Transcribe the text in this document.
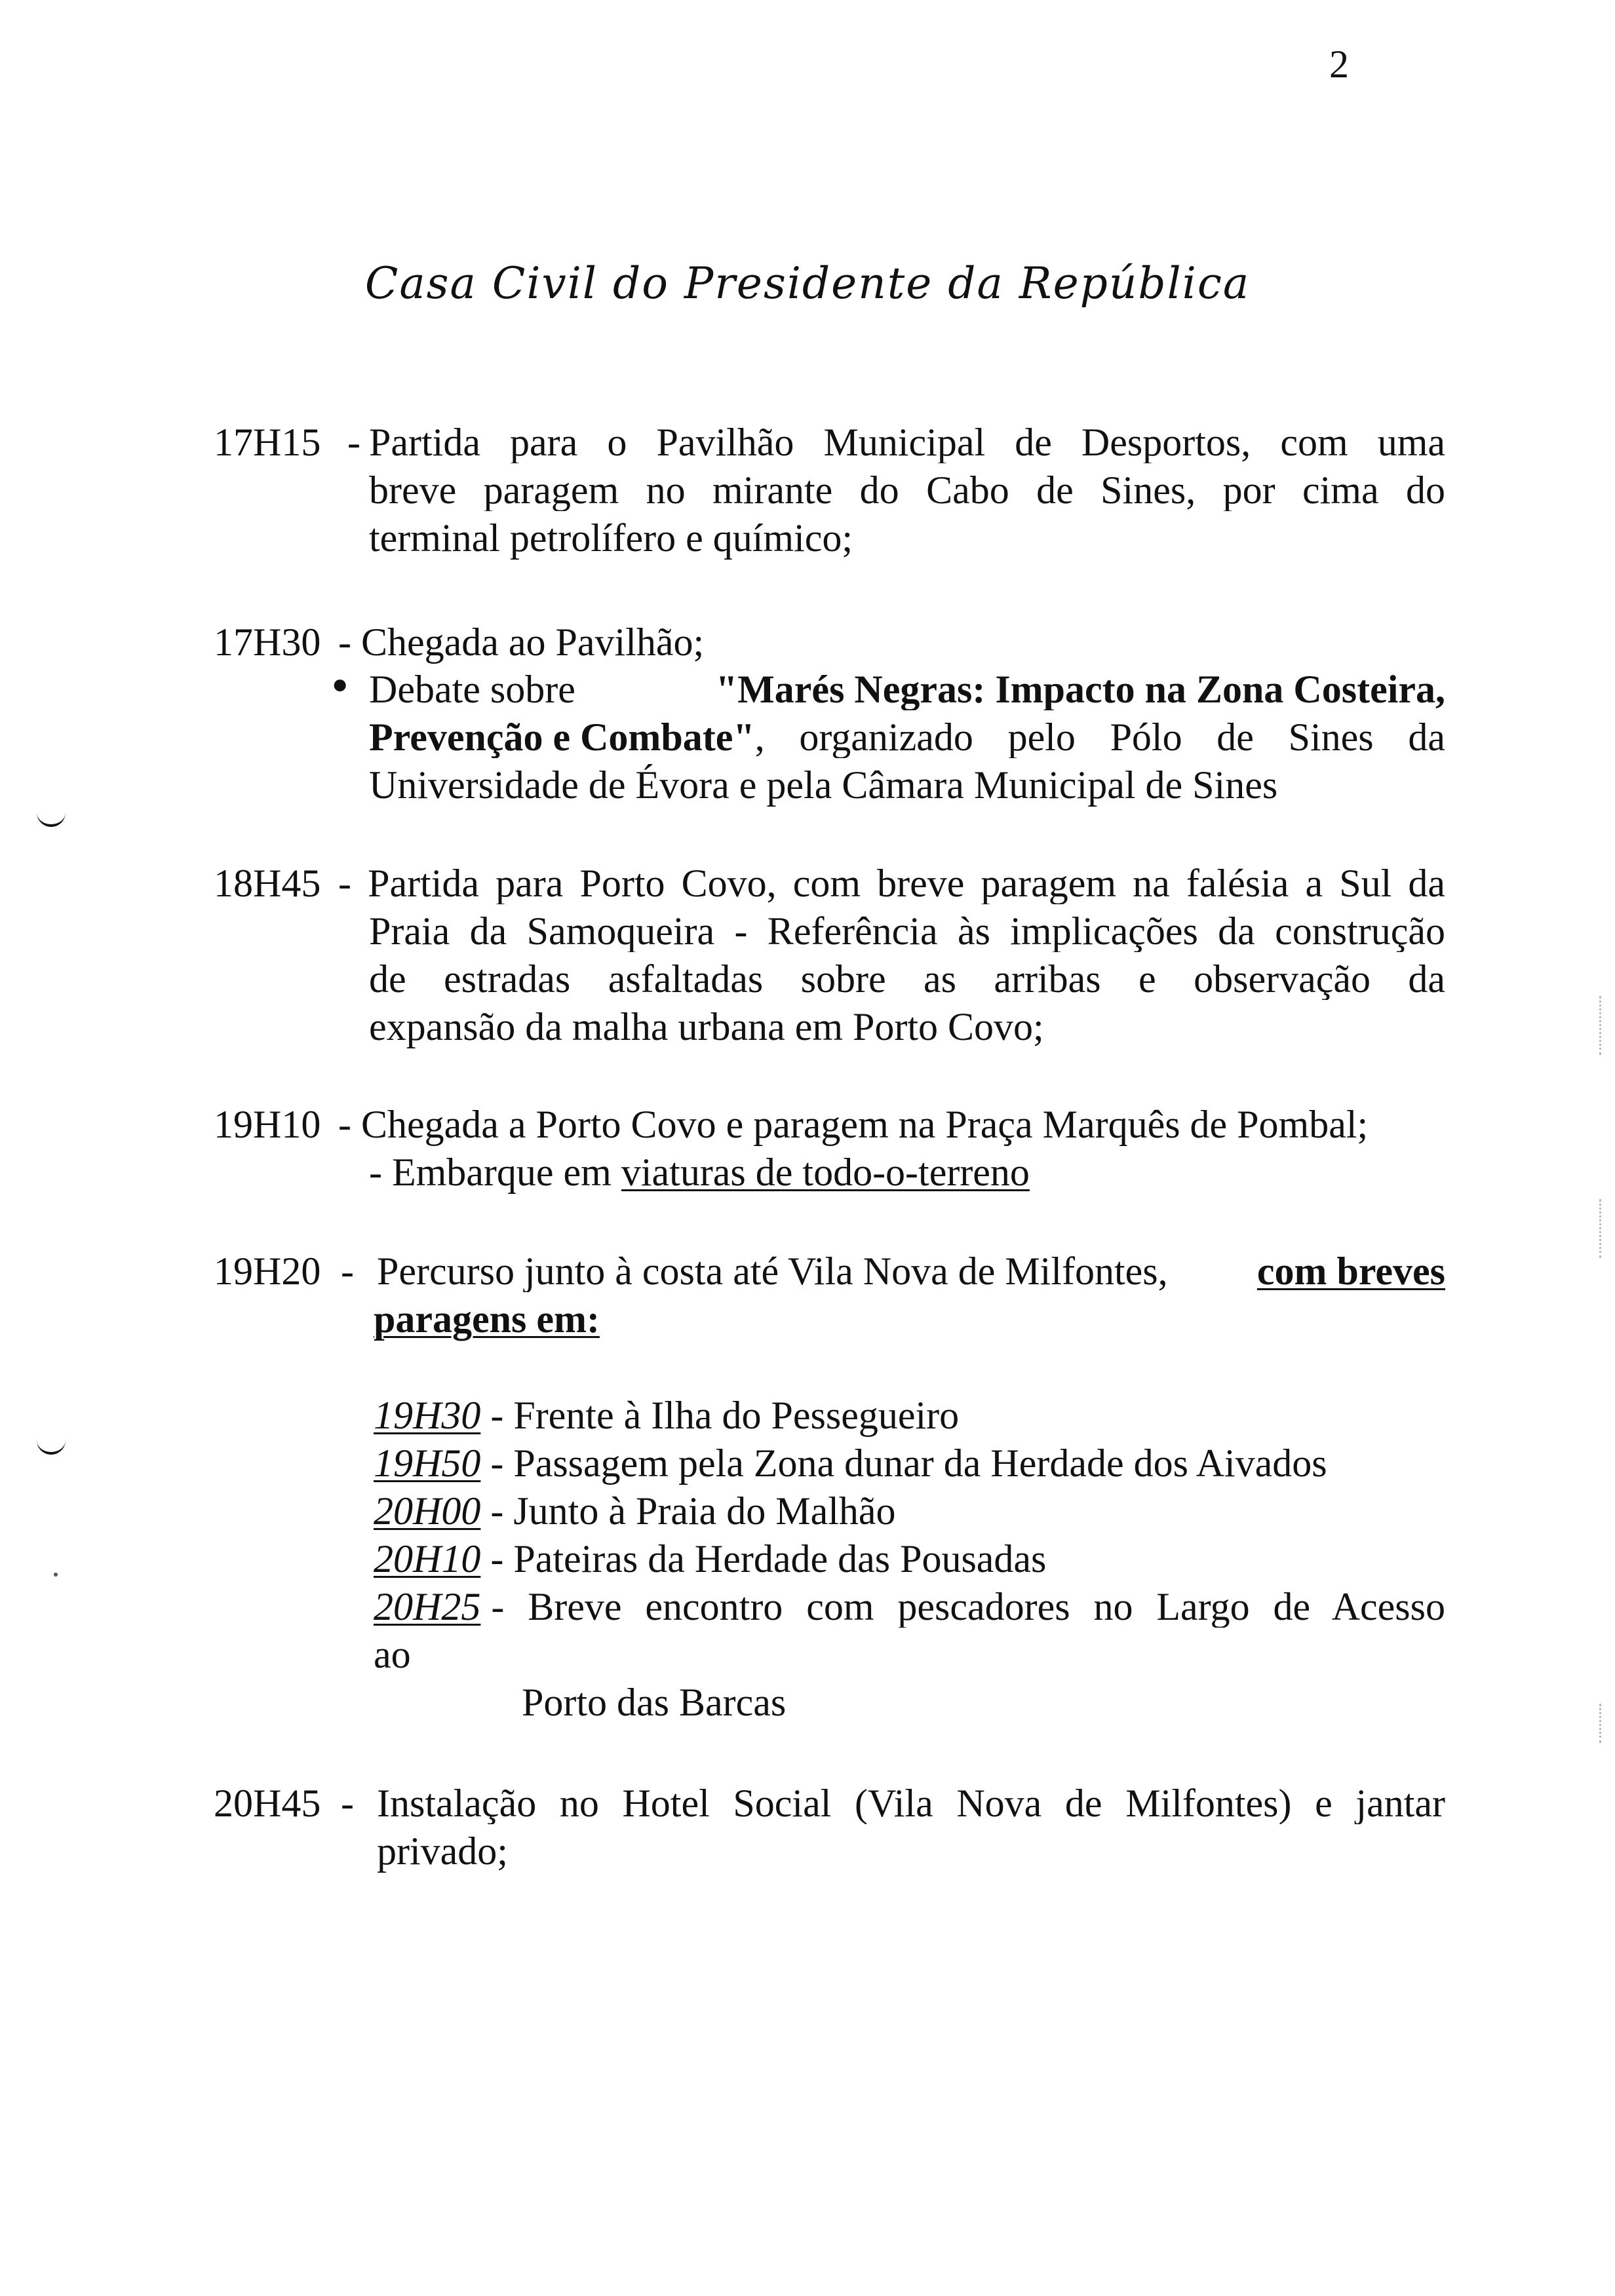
2
Casa Civil do Presidente da República
17H15 - Partida para o Pavilhão Municipal de Desportos, com uma
breve paragem no mirante do Cabo de Sines, por cima do
terminal petrolífero e químico;
17H30 - Chegada ao Pavilhão;
● Debate sobre	"Marés Negras: Impacto na Zona Costeira,
Prevenção e Combate" , organizado pelo Pólo de Sines da
Universidade de Évora e pela Câmara Municipal de Sines
18H45 - Partida para Porto Covo, com breve paragem na falésia a Sul da
Praia da Samoqueira - Referência às implicações da construção
de estradas asfaltadas sobre as arribas e observação da
expansão da malha urbana em Porto Covo;
19H10 - Chegada a Porto Covo e paragem na Praça Marquês de Pombal;
- Embarque em viaturas de todo-o-terreno
19H20 - Percurso junto à costa até Vila Nova de Milfontes, com breves
paragens em:
19H30 - Frente à Ilha do Pessegueiro
19H50 - Passagem pela Zona dunar da Herdade dos Aivados
20H00 - Junto à Praia do Malhão
20H10 - Pateiras da Herdade das Pousadas
20H25 - Breve encontro com pescadores no Largo de Acesso
ao
Porto das Barcas
20H45 - Instalação no Hotel Social (Vila Nova de Milfontes) e jantar
privado;
